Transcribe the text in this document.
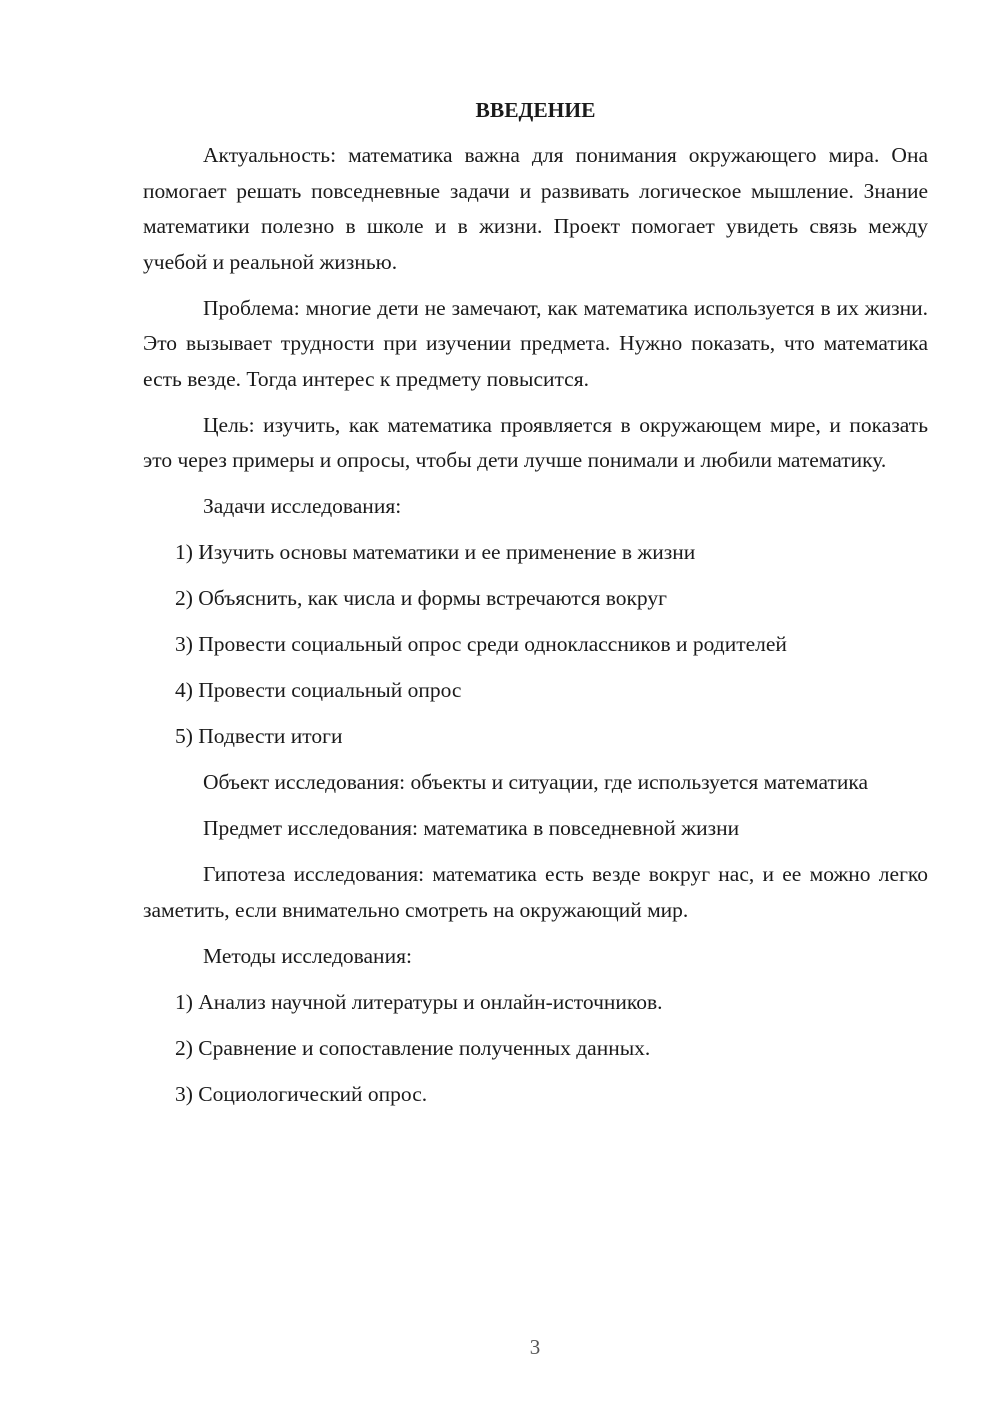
ВВЕДЕНИЕ

Актуальность: математика важна для понимания окружающего мира. Она помогает решать повседневные задачи и развивать логическое мышление. Знание математики полезно в школе и в жизни. Проект помогает увидеть связь между учебой и реальной жизнью.

Проблема: многие дети не замечают, как математика используется в их жизни. Это вызывает трудности при изучении предмета. Нужно показать, что математика есть везде. Тогда интерес к предмету повысится.

Цель: изучить, как математика проявляется в окружающем мире, и показать это через примеры и опросы, чтобы дети лучше понимали и любили математику.

Задачи исследования:
1) Изучить основы математики и ее применение в жизни
2) Объяснить, как числа и формы встречаются вокруг
3) Провести социальный опрос среди одноклассников и родителей
4) Провести социальный опрос
5) Подвести итоги

Объект исследования: объекты и ситуации, где используется математика

Предмет исследования: математика в повседневной жизни

Гипотеза исследования: математика есть везде вокруг нас, и ее можно легко заметить, если внимательно смотреть на окружающий мир.

Методы исследования:
1) Анализ научной литературы и онлайн-источников.
2) Сравнение и сопоставление полученных данных.
3) Социологический опрос.
3
